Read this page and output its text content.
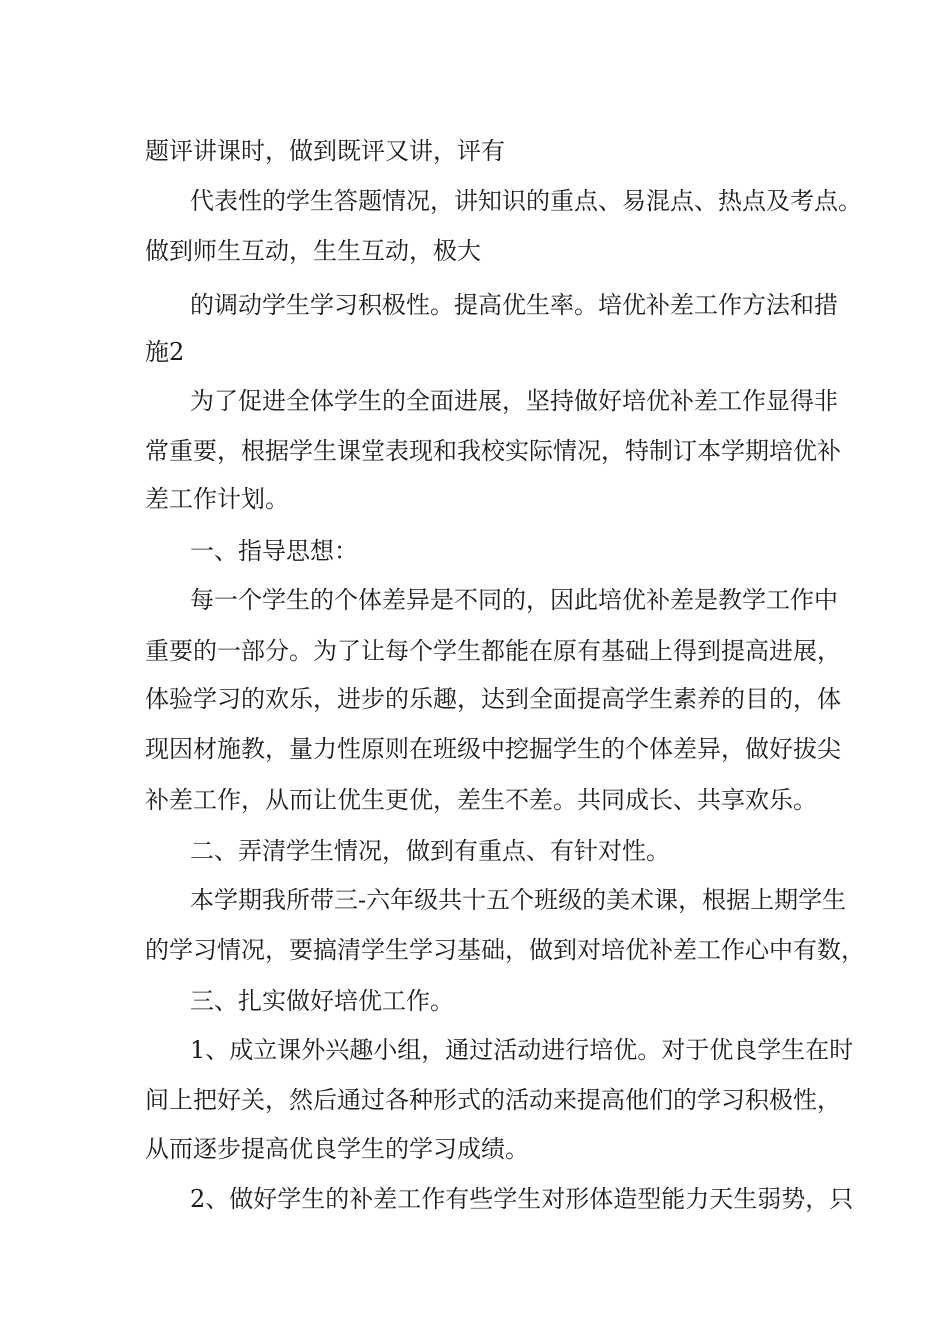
题评讲课时，做到既评又讲，评有
代表性的学生答题情况，讲知识的重点、易混点、热点及考点。
做到师生互动，生生互动，极大
的调动学生学习积极性。提高优生率。培优补差工作方法和措
施2
为了促进全体学生的全面进展，坚持做好培优补差工作显得非
常重要，根据学生课堂表现和我校实际情况，特制订本学期培优补
差工作计划。
一、指导思想：
每一个学生的个体差异是不同的，因此培优补差是教学工作中
重要的一部分。为了让每个学生都能在原有基础上得到提高进展，
体验学习的欢乐，进步的乐趣，达到全面提高学生素养的目的，体
现因材施教，量力性原则在班级中挖掘学生的个体差异，做好拔尖
补差工作，从而让优生更优，差生不差。共同成长、共享欢乐。
二、弄清学生情况，做到有重点、有针对性。
本学期我所带三-六年级共十五个班级的美术课，根据上期学生
的学习情况，要搞清学生学习基础，做到对培优补差工作心中有数，
三、扎实做好培优工作。
1、成立课外兴趣小组，通过活动进行培优。对于优良学生在时
间上把好关，然后通过各种形式的活动来提高他们的学习积极性，
从而逐步提高优良学生的学习成绩。
2、做好学生的补差工作有些学生对形体造型能力天生弱势，只
